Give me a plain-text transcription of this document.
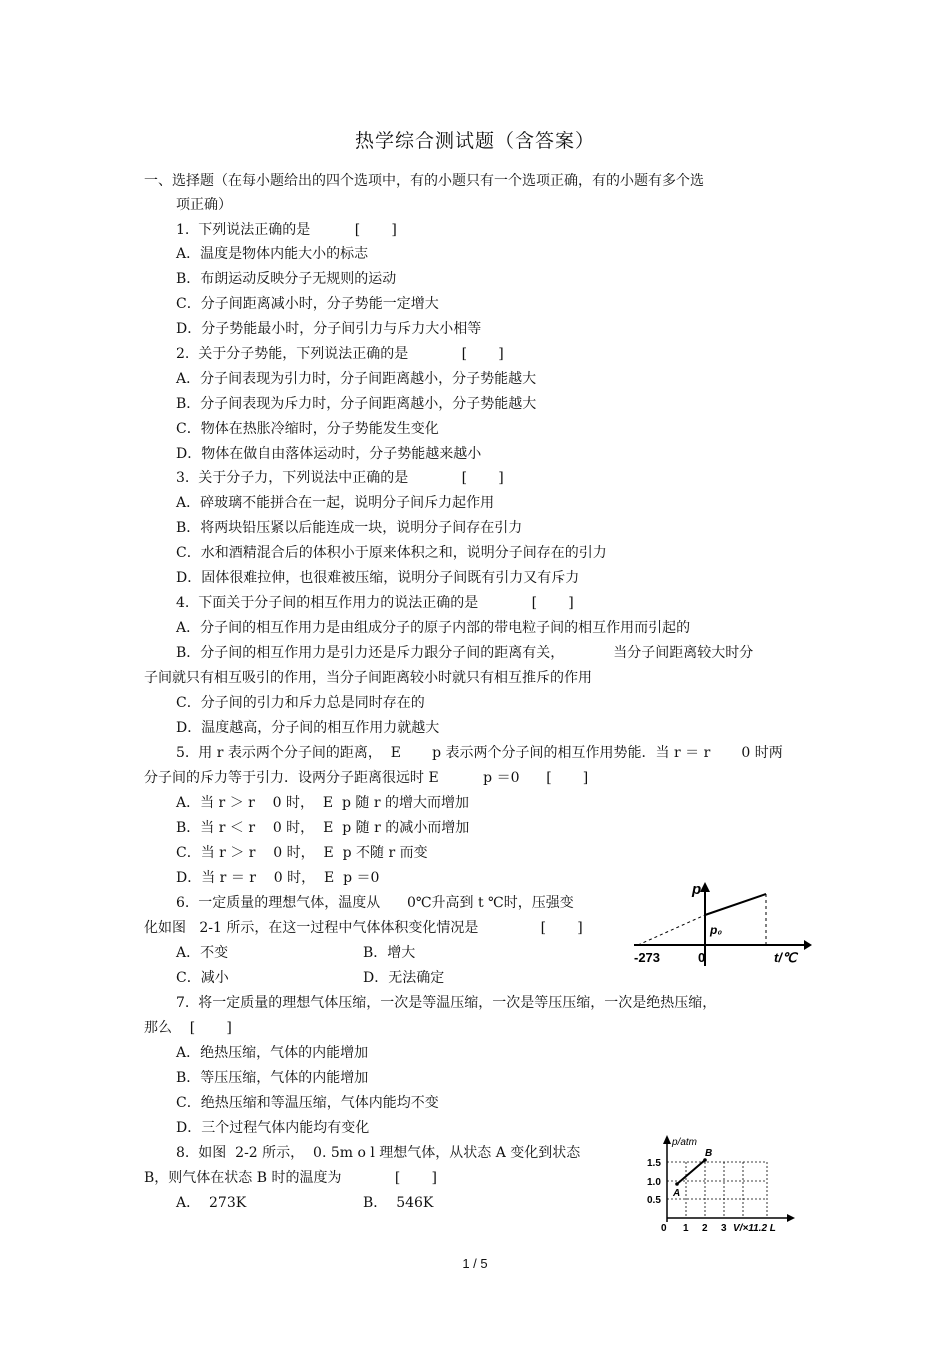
热学综合测试题（含答案）
一、选择题（在每小题给出的四个选项中，有的小题只有一个选项正确，有的小题有多个选
项正确）
1.  下列说法正确的是          [       ]
A．温度是物体内能大小的标志
B．布朗运动反映分子无规则的运动
C．分子间距离减小时，分子势能一定增大
D．分子势能最小时，分子间引力与斥力大小相等
2.  关于分子势能，下列说法正确的是            [       ]
A．分子间表现为引力时，分子间距离越小，分子势能越大
B．分子间表现为斥力时，分子间距离越小，分子势能越大
C．物体在热胀冷缩时，分子势能发生变化
D．物体在做自由落体运动时，分子势能越来越小
3.  关于分子力，下列说法中正确的是            [       ]
A．碎玻璃不能拼合在一起，说明分子间斥力起作用
B．将两块铅压紧以后能连成一块，说明分子间存在引力
C．水和酒精混合后的体积小于原来体积之和，说明分子间存在的引力
D．固体很难拉伸，也很难被压缩，说明分子间既有引力又有斥力
4.  下面关于分子间的相互作用力的说法正确的是            [       ]
A．分子间的相互作用力是由组成分子的原子内部的带电粒子间的相互作用而引起的
B．分子间的相互作用力是引力还是斥力跟分子间的距离有关，           当分子间距离较大时分
子间就只有相互吸引的作用，当分子间距离较小时就只有相互推斥的作用
C．分子间的引力和斥力总是同时存在的
D．温度越高，分子间的相互作用力就越大
5.  用 r 表示两个分子间的距离，  E       p 表示两个分子间的相互作用势能．当 r ＝ r       0 时两
分子间的斥力等于引力．设两分子距离很远时 E          p ＝0      [       ]
A．当 r ＞ r    0 时，  E  p 随 r 的增大而增加
B．当 r ＜ r    0 时，  E  p 随 r 的减小而增加
C．当 r ＞ r    0 时，  E  p 不随 r 而变
D．当 r ＝ r    0 时，  E  p ＝0
6.  一定质量的理想气体，温度从      0℃升高到 t ℃时，压强变
化如图   2-1 所示，在这一过程中气体体积变化情况是              [       ]
A．不变	B．增大
C．减小	D．无法确定
7.  将一定质量的理想气体压缩，一次是等温压缩，一次是等压压缩，一次是绝热压缩，
那么    [       ]
A．绝热压缩，气体的内能增加
B．等压压缩，气体的内能增加
C．绝热压缩和等温压缩，气体内能均不变
D．三个过程气体内能均有变化
8.  如图  2-2 所示，  0. 5m o l 理想气体，从状态 A 变化到状态
B，则气体在状态 B 时的温度为            [       ]
A．  273K	B．  546K
p
p₀
-273	0	t/℃
p/atm
A
B
1.5
1.0
0.5
0 1 2 3 V/×11.2 L
1 / 5
